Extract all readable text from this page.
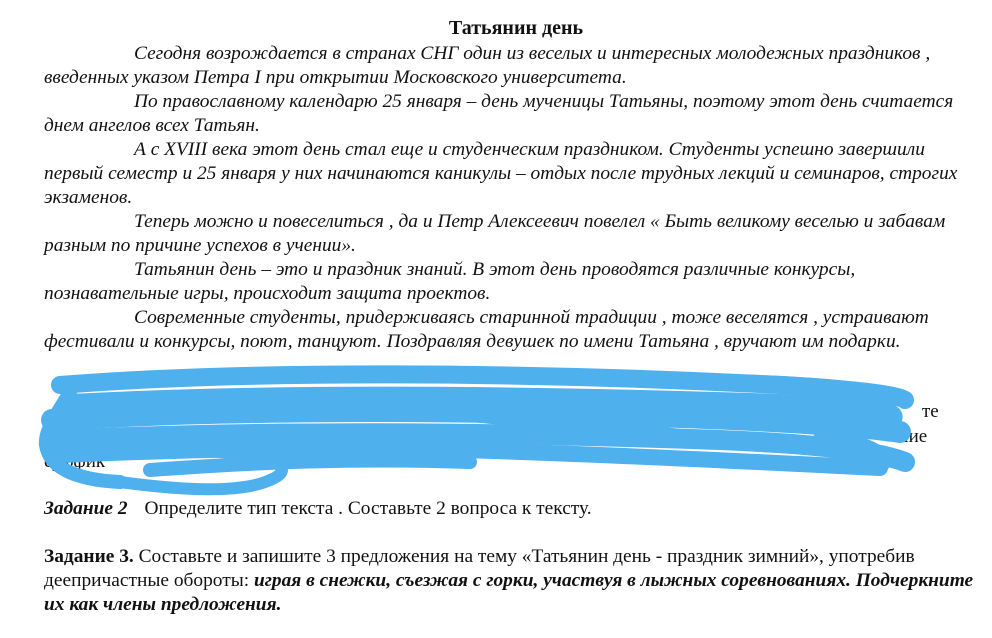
Татьянин день

Сегодня возрождается в странах СНГ один из веселых и интересных молодежных праздников , введенных указом Петра I при открытии Московского университета.

По православному календарю 25 января – день мученицы Татьяны, поэтому этот день считается днем ангелов всех Татьян.

А с XVIII века этот день стал еще и студенческим праздником. Студенты успешно завершили первый семестр и 25 января у них начинаются каникулы – отдых после трудных лекций и семинаров, строгих экзаменов.

Теперь можно и повеселиться , да и Петр Алексеевич повелел « Быть великому веселью и забавам разным по причине успехов в учении».

Татьянин день – это и праздник знаний. В этот день проводятся различные конкурсы, познавательные игры, происходит защита проектов.

Современные студенты, придерживаясь старинной традиции , тоже веселятся , устраивают фестивали и конкурсы, поют, танцуют. Поздравляя девушек по имени Татьяна , вручают им подарки.

те
ень	ение
суффик	атность.

Задание 2 Определите тип текста . Составьте 2 вопроса к тексту.

Задание 3. Составьте и запишите 3 предложения на тему «Татьянин день - праздник зимний», употребив деепричастные обороты: играя в снежки, съезжая с горки, участвуя в лыжных соревнованиях. Подчеркните их как члены предложения.
